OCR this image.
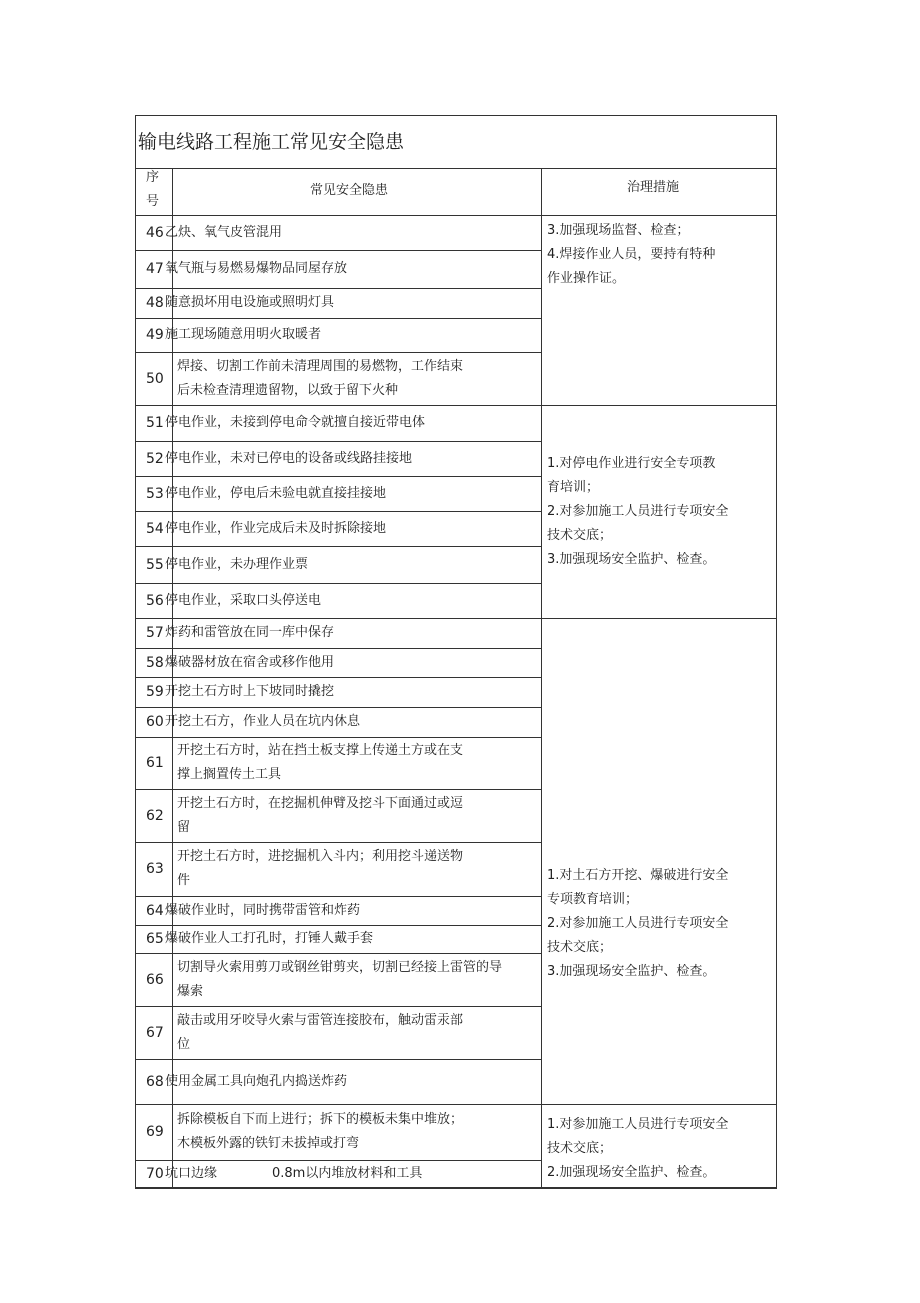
输电线路工程施工常见安全隐患
序
号
常见安全隐患	治理措施
46 乙炔、氧气皮管混用
47 氧气瓶与易燃易爆物品同屋存放
48 随意损坏用电设施或照明灯具
49 施工现场随意用明火取暖者
50
焊接、切割工作前未清理周围的易燃物，工作结束
后未检查清理遗留物，以致于留下火种
3.加强现场监督、检查；
4.焊接作业人员，要持有特种
作业操作证。
51 停电作业，未接到停电命令就擅自接近带电体
52 停电作业，未对已停电的设备或线路挂接地
53 停电作业，停电后未验电就直接挂接地
54 停电作业，作业完成后未及时拆除接地
55 停电作业，未办理作业票
56 停电作业，采取口头停送电
1.对停电作业进行安全专项教
育培训；
2.对参加施工人员进行专项安全
技术交底；
3.加强现场安全监护、检查。
57 炸药和雷管放在同一库中保存
58 爆破器材放在宿舍或移作他用
59 开挖土石方时上下坡同时撬挖
60 开挖土石方，作业人员在坑内休息
61
开挖土石方时，站在挡土板支撑上传递土方或在支
撑上搁置传土工具
62
开挖土石方时，在挖掘机伸臂及挖斗下面通过或逗
留
63
开挖土石方时，进挖掘机入斗内；利用挖斗递送物
件
64 爆破作业时，同时携带雷管和炸药
65 爆破作业人工打孔时，打锤人戴手套
66
切割导火索用剪刀或钢丝钳剪夹，切割已经接上雷管的导
爆索
67
敲击或用牙咬导火索与雷管连接胶布，触动雷汞部
位
68 使用金属工具向炮孔内捣送炸药
1.对土石方开挖、爆破进行安全
专项教育培训；
2.对参加施工人员进行专项安全
技术交底；
3.加强现场安全监护、检查。
69
拆除模板自下而上进行；拆下的模板未集中堆放；
木模板外露的铁钉未拔掉或打弯
70 坑口边缘	0.8m以内堆放材料和工具
1.对参加施工人员进行专项安全
技术交底；
2.加强现场安全监护、检查。
